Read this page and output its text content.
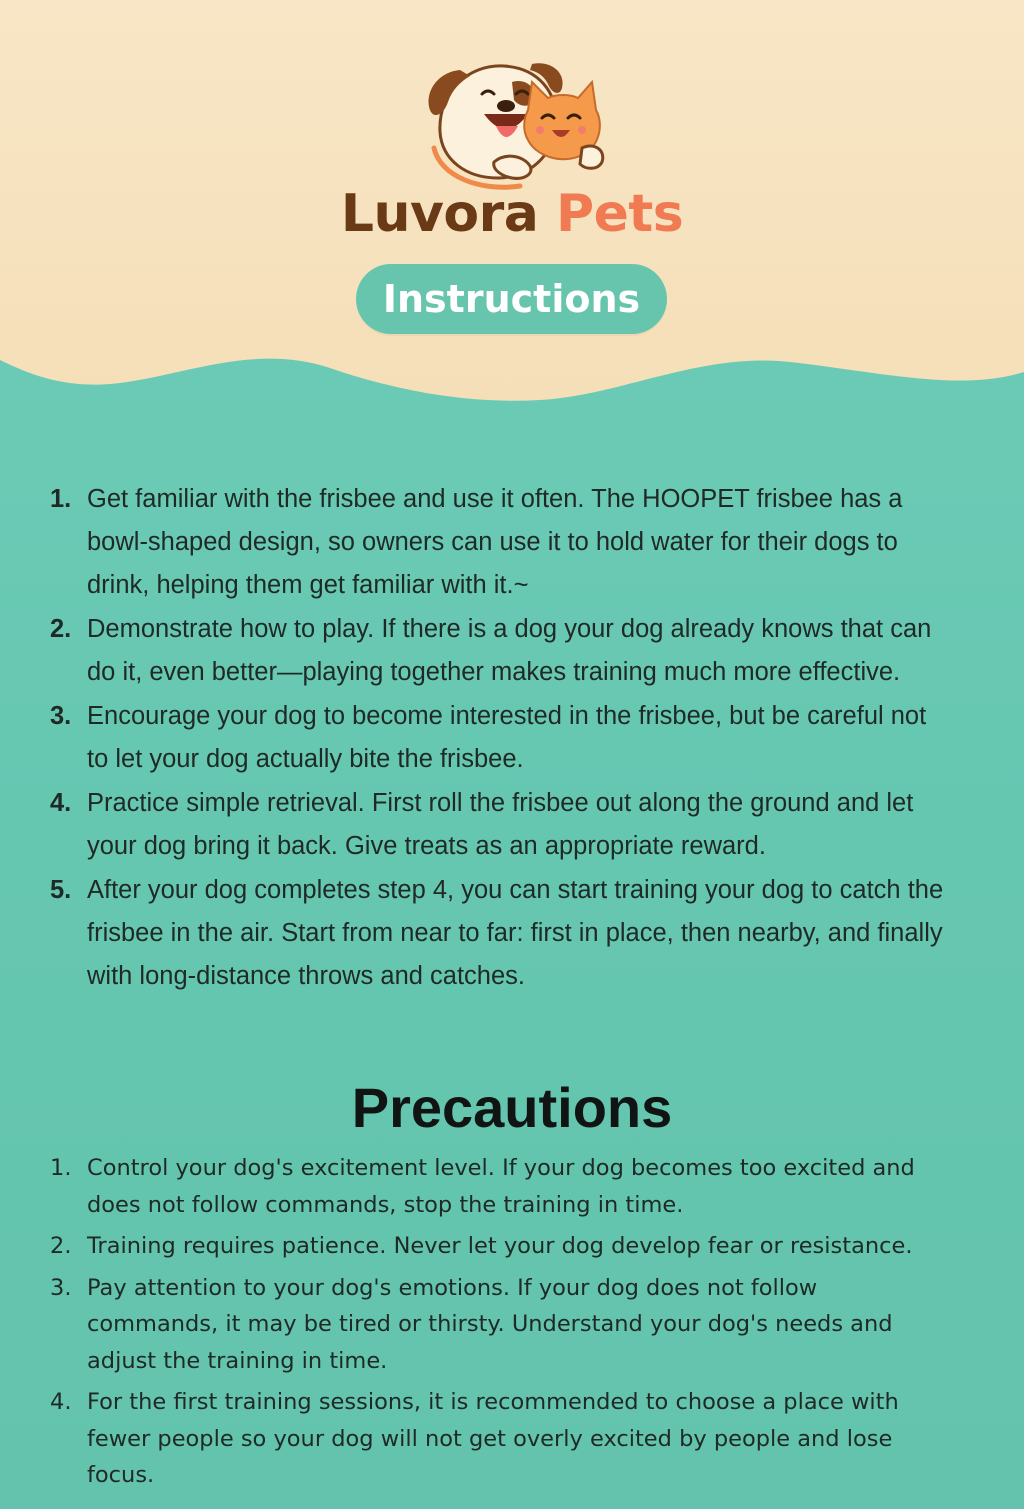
Luvora Pets
Instructions
1. Get familiar with the frisbee and use it often. The HOOPET frisbee has a bowl-shaped design, so owners can use it to hold water for their dogs to drink, helping them get familiar with it.~
2. Demonstrate how to play. If there is a dog your dog already knows that can do it, even better—playing together makes training much more effective.
3. Encourage your dog to become interested in the frisbee, but be careful not to let your dog actually bite the frisbee.
4. Practice simple retrieval. First roll the frisbee out along the ground and let your dog bring it back. Give treats as an appropriate reward.
5. After your dog completes step 4, you can start training your dog to catch the frisbee in the air. Start from near to far: first in place, then nearby, and finally with long-distance throws and catches.
Precautions
1. Control your dog's excitement level. If your dog becomes too excited and does not follow commands, stop the training in time.
2. Training requires patience. Never let your dog develop fear or resistance.
3. Pay attention to your dog's emotions. If your dog does not follow commands, it may be tired or thirsty. Understand your dog's needs and adjust the training in time.
4. For the first training sessions, it is recommended to choose a place with fewer people so your dog will not get overly excited by people and lose focus.
